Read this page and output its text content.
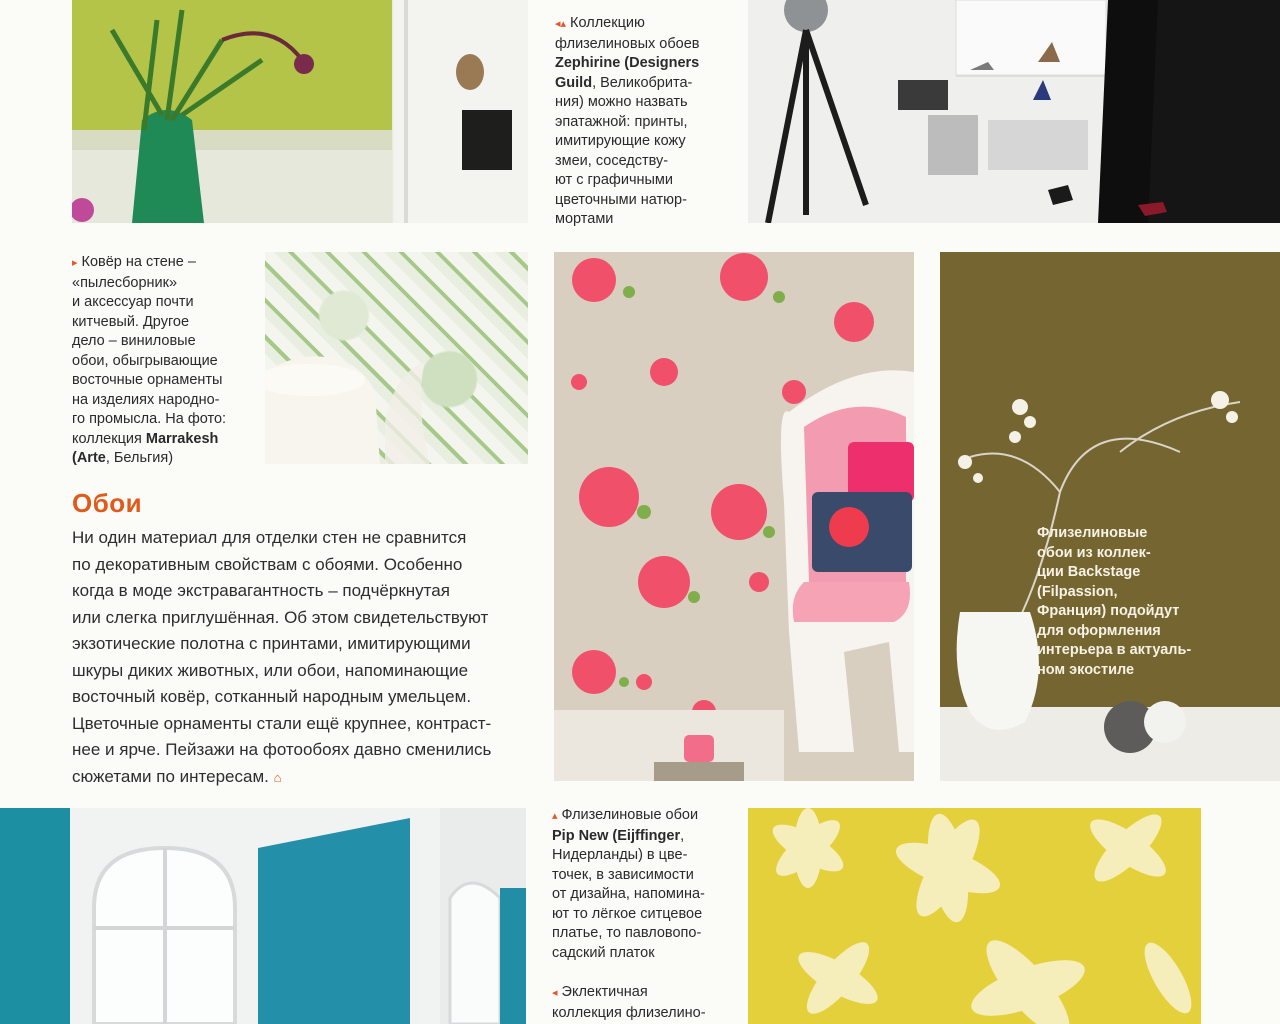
◂▴ Коллекцию

флизелиновых обоев

Zephirine (Designers

Guild, Великобрита-

ния) можно назвать

эпатажной: принты,

имитирующие кожу

змеи, соседству-

ют с графичными

цветочными натюр-

мортами

▸ Ковёр на стене –

«пылесборник»

и аксессуар почти

китчевый. Другое

дело – виниловые

обои, обыгрывающие

восточные орнаменты

на изделиях народно-

го промысла. На фото:

коллекция Marrakesh

(Arte, Бельгия)

Флизелиновые

обои из коллек-

ции Backstage

(Filpassion,

Франция) подойдут

для оформления

интерьера в актуаль-

ном экостиле

Обои

Ни один материал для отделки стен не сравнится

по декоративным свойствам с обоями. Особенно

когда в моде экстравагантность – подчёркнутая

или слегка приглушённая. Об этом свидетельствуют

экзотические полотна с принтами, имитирующими

шкуры диких животных, или обои, напоминающие

восточный ковёр, сотканный народным умельцем.

Цветочные орнаменты стали ещё крупнее, контраст-

нее и ярче. Пейзажи на фотообоях давно сменились

сюжетами по интересам. ⌂

▴ Флизелиновые обои

Pip New (Eijffinger,

Нидерланды) в цве-

точек, в зависимости

от дизайна, напомина-

ют то лёгкое ситцевое

платье, то павловопо-

садский платок

◂ Эклектичная

коллекция флизелино-
